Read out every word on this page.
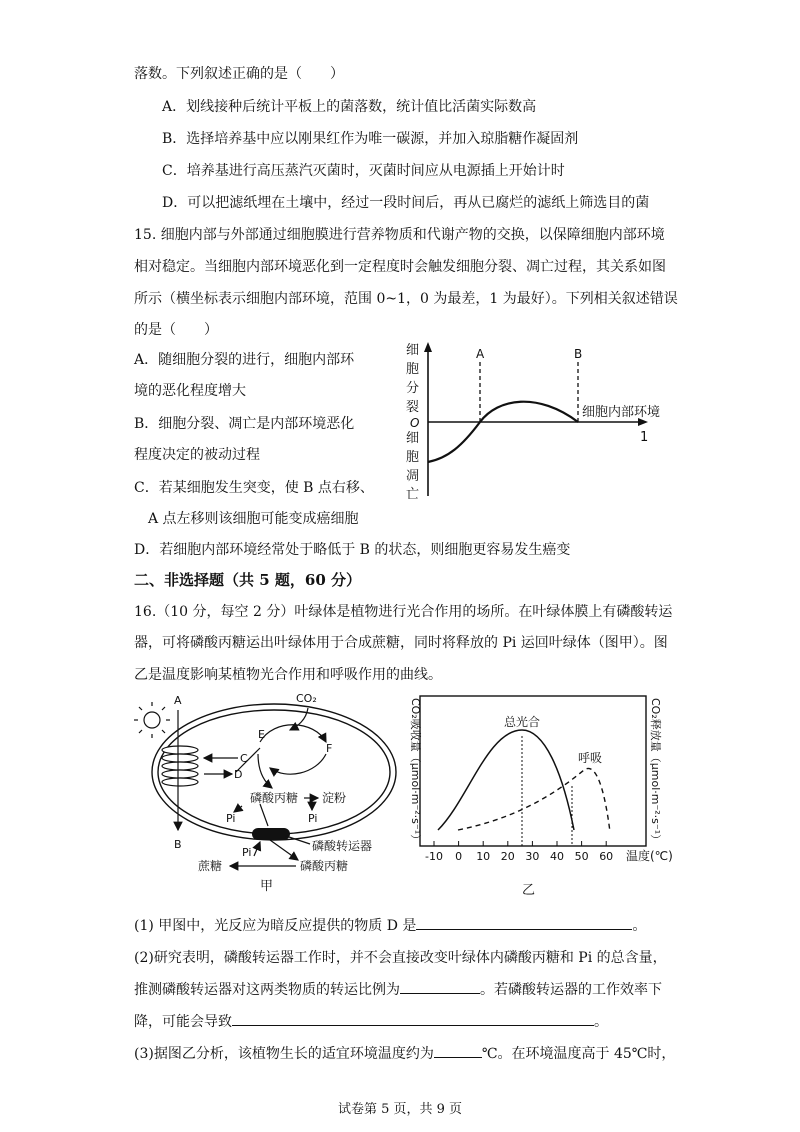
落数。下列叙述正确的是（　　）
A．划线接种后统计平板上的菌落数，统计值比活菌实际数高
B．选择培养基中应以刚果红作为唯一碳源，并加入琼脂糖作凝固剂
C．培养基进行高压蒸汽灭菌时，灭菌时间应从电源插上开始计时
D．可以把滤纸埋在土壤中，经过一段时间后，再从已腐烂的滤纸上筛选目的菌
15. 细胞内部与外部通过细胞膜进行营养物质和代谢产物的交换，以保障细胞内部环境
相对稳定。当细胞内部环境恶化到一定程度时会触发细胞分裂、凋亡过程，其关系如图
所示（横坐标表示细胞内部环境，范围 0~1，0 为最差，1 为最好）。下列相关叙述错误
的是（　　）
A．随细胞分裂的进行，细胞内部环
境的恶化程度增大
B．细胞分裂、凋亡是内部环境恶化
程度决定的被动过程
C．若某细胞发生突变，使 B 点右移、
A 点左移则该细胞可能变成癌细胞
D．若细胞内部环境经常处于略低于 B 的状态，则细胞更容易发生癌变
A	B
细
胞
分
裂
O
细
胞
凋
亡
细胞内部环境
1
二、非选择题（共 5 题，60 分）
16.（10 分，每空 2 分）叶绿体是植物进行光合作用的场所。在叶绿体膜上有磷酸转运
器，可将磷酸丙糖运出叶绿体用于合成蔗糖，同时将释放的 Pi 运回叶绿体（图甲）。图
乙是温度影响某植物光合作用和呼吸作用的曲线。
A
B
C
D
E
F
CO₂
磷酸丙糖 淀粉
Pi	Pi
磷酸转运器
Pi
蔗糖	磷酸丙糖
甲
CO₂吸收量（μmol·m⁻²·s⁻¹）	CO₂释放量（μmol·m⁻²·s⁻¹）
-10 0 10 20 30 40 50 60
总光合
呼吸
温度(℃)
乙
(1) 甲图中，光反应为暗反应提供的物质 D 是	。
(2)研究表明，磷酸转运器工作时，并不会直接改变叶绿体内磷酸丙糖和 Pi 的总含量，
推测磷酸转运器对这两类物质的转运比例为	。若磷酸转运器的工作效率下
降，可能会导致	。
(3)据图乙分析，该植物生长的适宜环境温度约为	℃。在环境温度高于 45℃时，
试卷第 5 页，共 9 页
